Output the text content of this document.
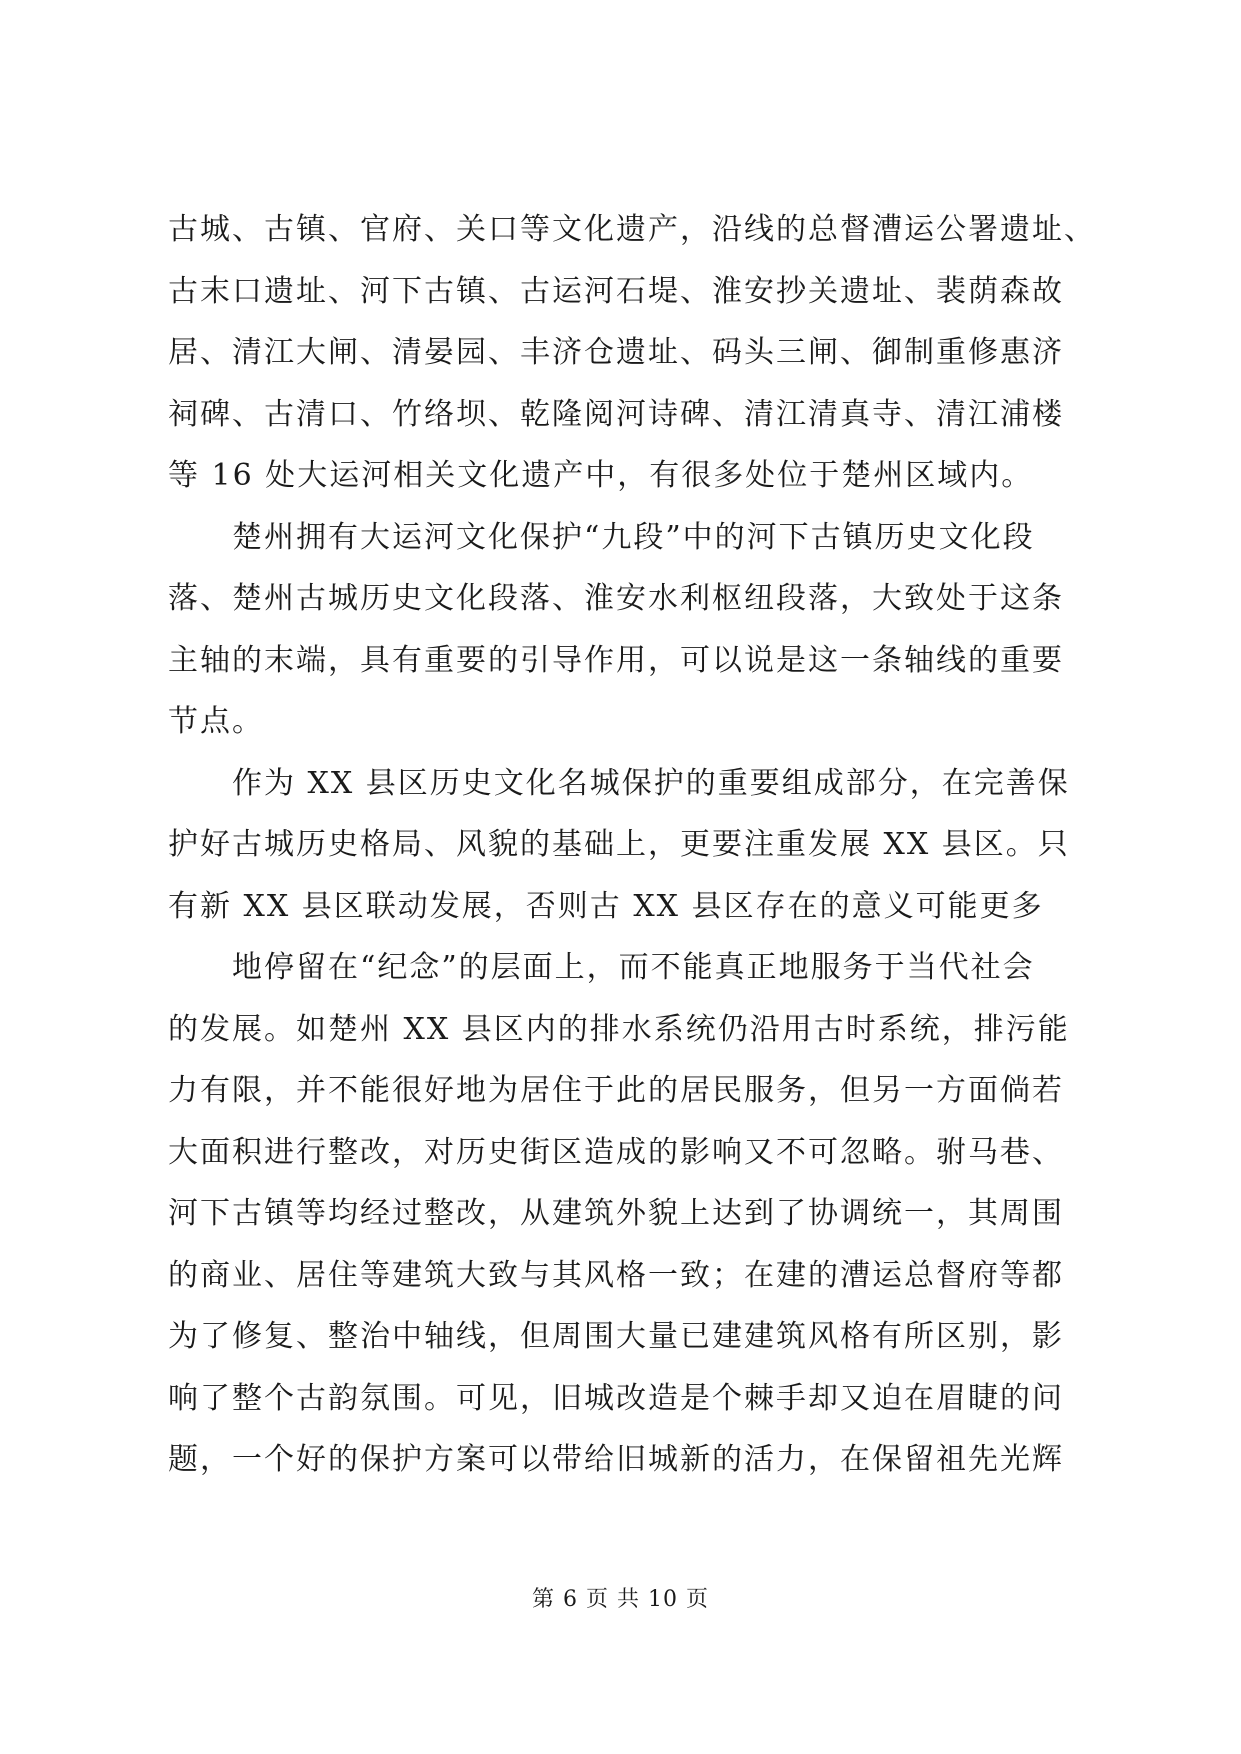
古城、古镇、官府、关口等文化遗产，沿线的总督漕运公署遗址、
古末口遗址、河下古镇、古运河石堤、淮安抄关遗址、裴荫森故
居、清江大闸、清晏园、丰济仓遗址、码头三闸、御制重修惠济
祠碑、古清口、竹络坝、乾隆阅河诗碑、清江清真寺、清江浦楼
等 16 处大运河相关文化遗产中，有很多处位于楚州区域内。
楚州拥有大运河文化保护“九段”中的河下古镇历史文化段
落、楚州古城历史文化段落、淮安水利枢纽段落，大致处于这条
主轴的末端，具有重要的引导作用，可以说是这一条轴线的重要
节点。
作为 XX 县区历史文化名城保护的重要组成部分，在完善保
护好古城历史格局、风貌的基础上，更要注重发展 XX 县区。只
有新 XX 县区联动发展，否则古 XX 县区存在的意义可能更多
地停留在“纪念”的层面上，而不能真正地服务于当代社会
的发展。如楚州 XX 县区内的排水系统仍沿用古时系统，排污能
力有限，并不能很好地为居住于此的居民服务，但另一方面倘若
大面积进行整改，对历史街区造成的影响又不可忽略。驸马巷、
河下古镇等均经过整改，从建筑外貌上达到了协调统一，其周围
的商业、居住等建筑大致与其风格一致；在建的漕运总督府等都
为了修复、整治中轴线，但周围大量已建建筑风格有所区别，影
响了整个古韵氛围。可见，旧城改造是个棘手却又迫在眉睫的问
题，一个好的保护方案可以带给旧城新的活力，在保留祖先光辉
第 6 页 共 10 页
